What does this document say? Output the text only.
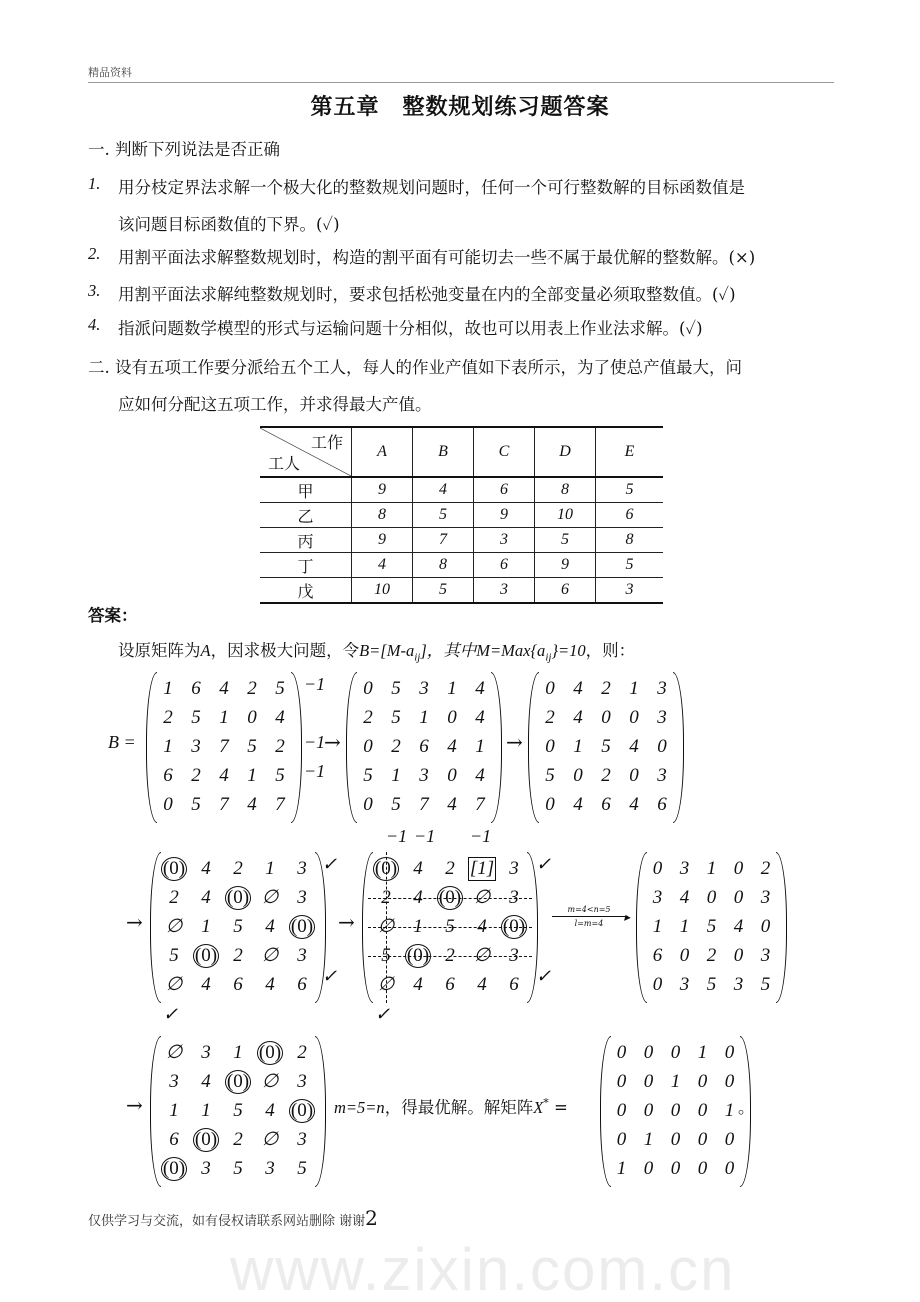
精品资料
www.zixin.com.cn
第五章　整数规划练习题答案
一. 判断下列说法是否正确
二. 设有五项工作要分派给五个工人，每人的作业产值如下表所示，为了使总产值最大，问
应如何分配这五项工作，并求得最大产值。
工作
工人	A	B	C	D	E
甲	9	4	6	8	5
乙	8	5	9	10	6
丙	9	7	3	5	8
丁	4	8	6	9	5
戊	10	5	3	6	3
答案：
设原矩阵为A，因求极大问题，令$B=[M-a_{ij}]$，其中$M=Max\{a_{ij}\}=10$，则：
仅供学习与交流，如有侵权请联系网站删除 谢谢2
1. 用分枝定界法求解一个极大化的整数规划问题时，任何一个可行整数解的目标函数值是
该问题目标函数值的下界。(✓)
2. 用割平面法求解整数规划时，构造的割平面有可能切去一些不属于最优解的整数解。(×)
3. 用割平面法求解纯整数规划时，要求包括松弛变量在内的全部变量必须取整数值。(✓)
4. 指派问题数学模型的形式与运输问题十分相似，故也可以用表上作业法求解。(✓)
B =
1 6 4 2 5
2 5 1 0 4
1 3 7 5 2
6 2 4 1 5
0 5 7 4 7
−1
−1
−1
→
0 5 3 1 4
2 5 1 0 4
0 2 6 4 1
5 1 3 0 4
0 5 7 4 7
−1 −1 −1
→
0 4 2 1 3
2 4 0 0 3
0 1 5 4 0
5 0 2 0 3
0 4 6 4 6
→
(0) 4	2	1	3
2	4 (0) ∅ 3
∅ 1	5	4 (0)
5 (0) 2 ∅ 3
∅ 4	6	4	6
✓
✓
✓
→
(0) 4	2 [1] 3
2	4 (0) ∅ 3
∅ 1	5	4 (0)
5 (0) 2 ∅ 3
∅ 4	6	4	6
✓
✓
✓
m=4<n=5
l=m=4	▸
0 3 1 0 2
3 4 0 0 3
1 1 5 4 0
6 0 2 0 3
0 3 5 3 5
→
∅ 3	1 (0) 2
3	4 (0) ∅ 3
1	1	5	4 (0)
6 (0) 2 ∅ 3
(0) 3	5	3	5
m=5=n，得最优解。解矩阵X* =
0 0 0 1 0
0 0 1 0 0
0 0 0 0 1
0 1 0 0 0
1 0 0 0 0
。
